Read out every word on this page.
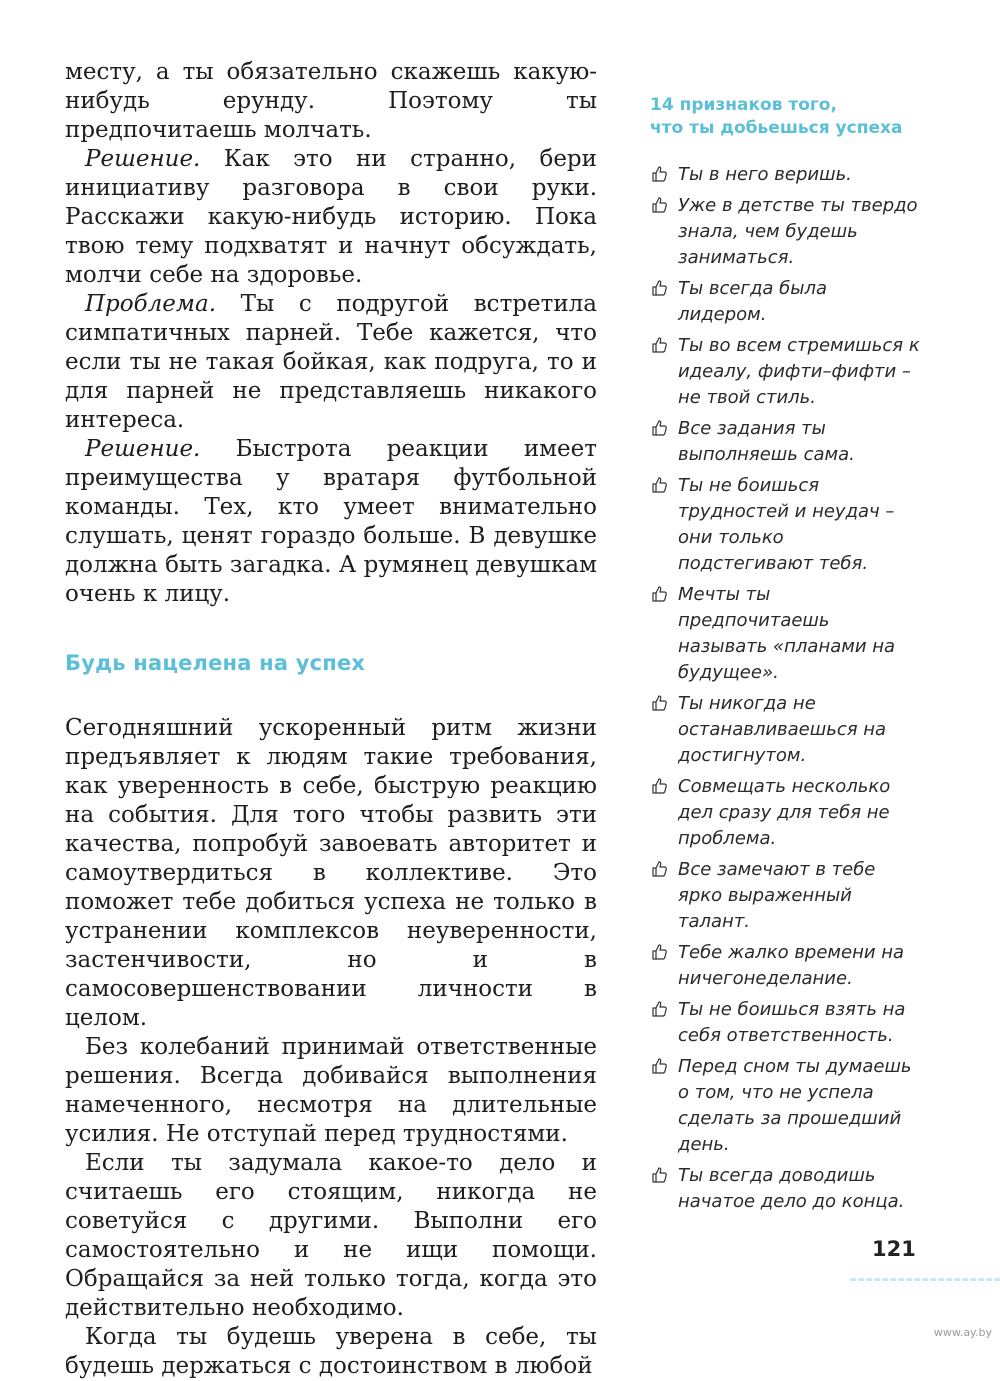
месту, а ты обязательно скажешь какую-нибудь ерунду. Поэтому ты предпочитаешь молчать.

Решение. Как это ни странно, бери инициативу разговора в свои руки. Расскажи какую-нибудь историю. Пока твою тему подхватят и начнут обсуждать, молчи себе на здоровье.

Проблема. Ты с подругой встретила симпатичных парней. Тебе кажется, что если ты не такая бойкая, как подруга, то и для парней не представляешь никакого интереса.

Решение. Быстрота реакции имеет преимущества у вратаря футбольной команды. Тех, кто умеет внимательно слушать, ценят гораздо больше. В девушке должна быть загадка. А румянец девушкам очень к лицу.

Будь нацелена на успех

Сегодняшний ускоренный ритм жизни предъявляет к людям такие требования, как уверенность в себе, быструю реакцию на события. Для того чтобы развить эти качества, попробуй завоевать авторитет и самоутвердиться в коллективе. Это поможет тебе добиться успеха не только в устранении комплексов неуверенности, застенчивости, но и в самосовершенствовании личности в целом.

Без колебаний принимай ответственные решения. Всегда добивайся выполнения намеченного, несмотря на длительные усилия. Не отступай перед трудностями.

Если ты задумала какое-то дело и считаешь его стоящим, никогда не советуйся с другими. Выполни его самостоятельно и не ищи помощи. Обращайся за ней только тогда, когда это действительно необходимо.

Когда ты будешь уверена в себе, ты будешь держаться с достоинством в любой

14 признаков того,
что ты добьешься успеха
Ты в него веришь.
Уже в детстве ты твердо знала, чем будешь заниматься.
Ты всегда была лидером.
Ты во всем стремишься к идеалу, фифти–фифти – не твой стиль.
Все задания ты выполняешь сама.
Ты не боишься трудностей и неудач – они только подстегивают тебя.
Мечты ты предпочитаешь называть «планами на будущее».
Ты никогда не останавливаешься на достигнутом.
Совмещать несколько дел сразу для тебя не проблема.
Все замечают в тебе ярко выраженный талант.
Тебе жалко времени на ничегонеделание.
Ты не боишься взять на себя ответственность.
Перед сном ты думаешь о том, что не успела сделать за прошедший день.
Ты всегда доводишь начатое дело до конца.
121
www.ay.by
